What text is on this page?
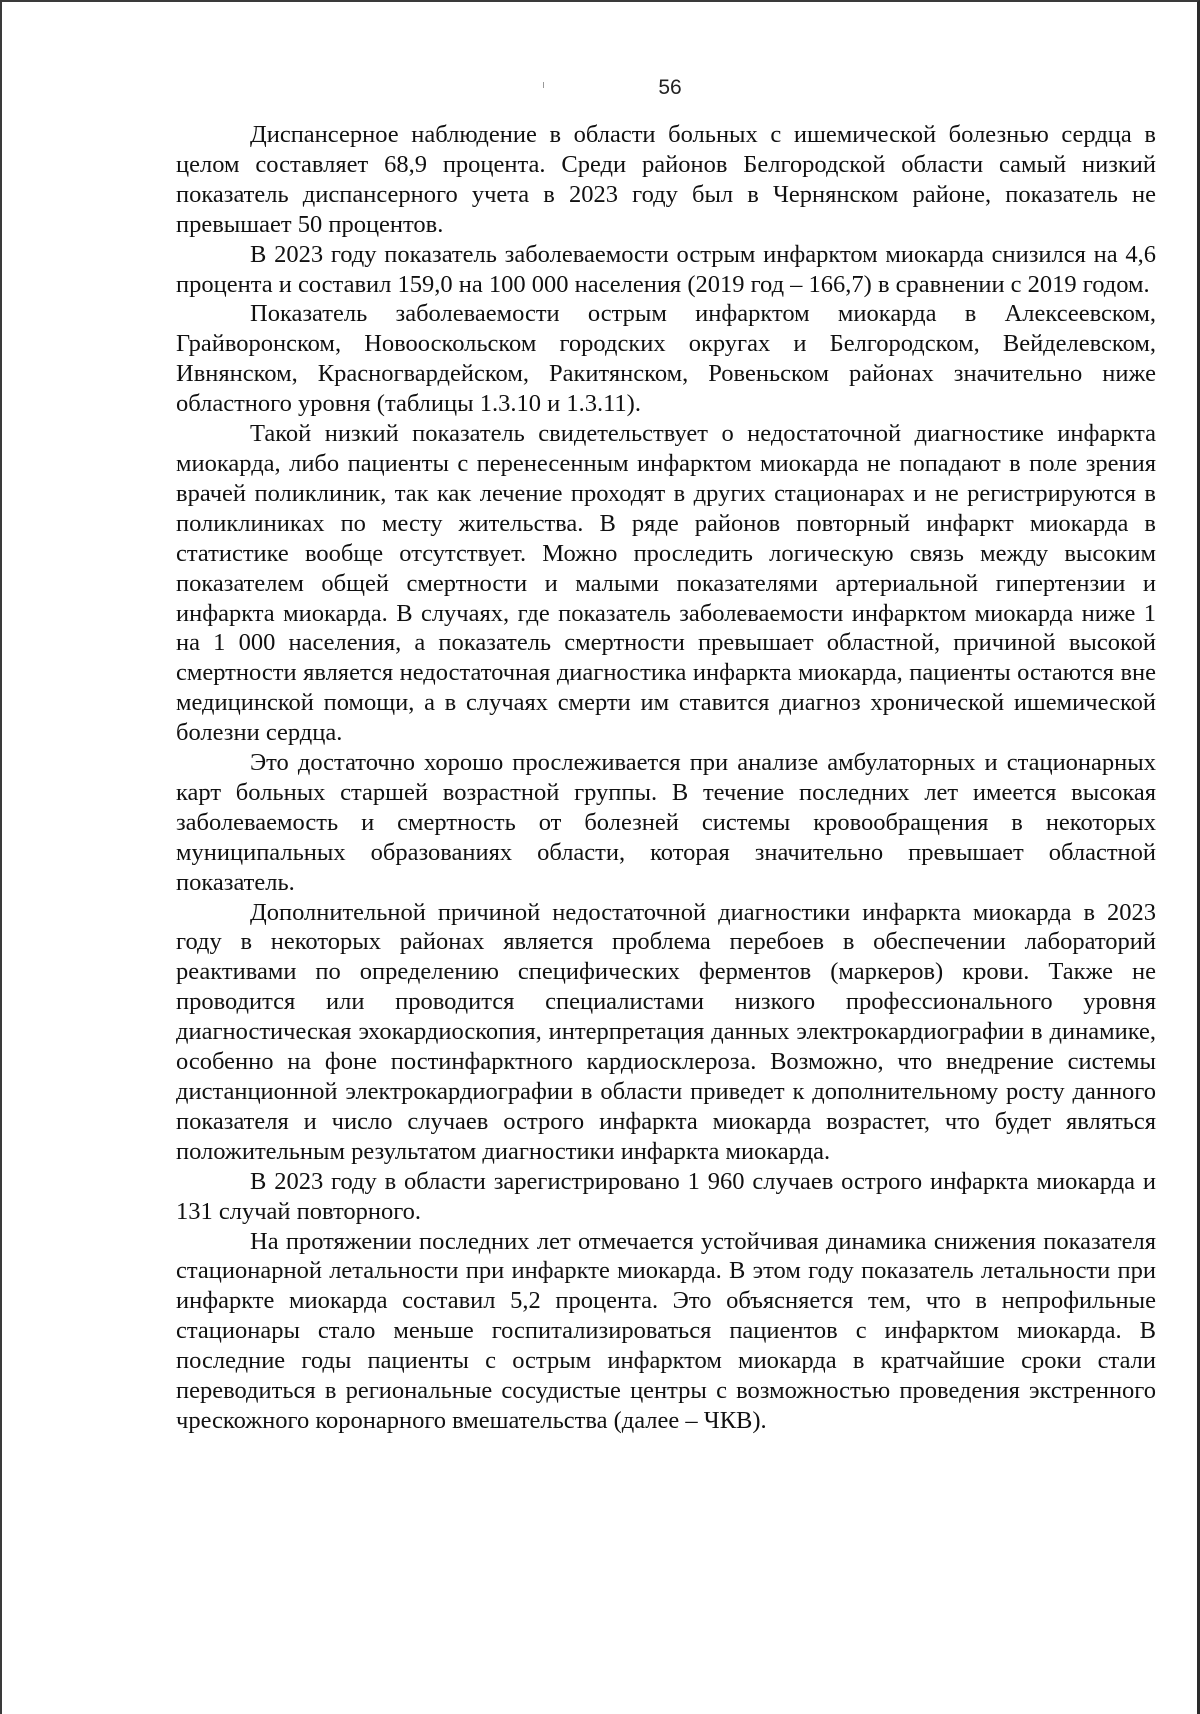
56

Диспансерное наблюдение в области больных с ишемической болезнью сердца в целом составляет 68,9 процента. Среди районов Белгородской области самый низкий показатель диспансерного учета в 2023 году был в Чернянском районе, показатель не превышает 50 процентов.

В 2023 году показатель заболеваемости острым инфарктом миокарда снизился на 4,6 процента и составил 159,0 на 100 000 населения (2019 год – 166,7) в сравнении с 2019 годом.

Показатель заболеваемости острым инфарктом миокарда в Алексеевском, Грайворонском, Новооскольском городских округах и Белгородском, Вейделевском, Ивнянском, Красногвардейском, Ракитянском, Ровеньском районах значительно ниже областного уровня (таблицы 1.3.10 и 1.3.11).

Такой низкий показатель свидетельствует о недостаточной диагностике инфаркта миокарда, либо пациенты с перенесенным инфарктом миокарда не попадают в поле зрения врачей поликлиник, так как лечение проходят в других стационарах и не регистрируются в поликлиниках по месту жительства. В ряде районов повторный инфаркт миокарда в статистике вообще отсутствует. Можно проследить логическую связь между высоким показателем общей смертности и малыми показателями артериальной гипертензии и инфаркта миокарда. В случаях, где показатель заболеваемости инфарктом миокарда ниже 1 на 1 000 населения, а показатель смертности превышает областной, причиной высокой смертности является недостаточная диагностика инфаркта миокарда, пациенты остаются вне медицинской помощи, а в случаях смерти им ставится диагноз хронической ишемической болезни сердца.

Это достаточно хорошо прослеживается при анализе амбулаторных и стационарных карт больных старшей возрастной группы. В течение последних лет имеется высокая заболеваемость и смертность от болезней системы кровообращения в некоторых муниципальных образованиях области, которая значительно превышает областной показатель.

Дополнительной причиной недостаточной диагностики инфаркта миокарда в 2023 году в некоторых районах является проблема перебоев в обеспечении лабораторий реактивами по определению специфических ферментов (маркеров) крови. Также не проводится или проводится специалистами низкого профессионального уровня диагностическая эхокардиоскопия, интерпретация данных электрокардиографии в динамике, особенно на фоне постинфарктного кардиосклероза. Возможно, что внедрение системы дистанционной электрокардиографии в области приведет к дополнительному росту данного показателя и число случаев острого инфаркта миокарда возрастет, что будет являться положительным результатом диагностики инфаркта миокарда.

В 2023 году в области зарегистрировано 1 960 случаев острого инфаркта миокарда и 131 случай повторного.

На протяжении последних лет отмечается устойчивая динамика снижения показателя стационарной летальности при инфаркте миокарда. В этом году показатель летальности при инфаркте миокарда составил 5,2 процента. Это объясняется тем, что в непрофильные стационары стало меньше госпитализироваться пациентов с инфарктом миокарда. В последние годы пациенты с острым инфарктом миокарда в кратчайшие сроки стали переводиться в региональные сосудистые центры с возможностью проведения экстренного чрескожного коронарного вмешательства (далее – ЧКВ).
